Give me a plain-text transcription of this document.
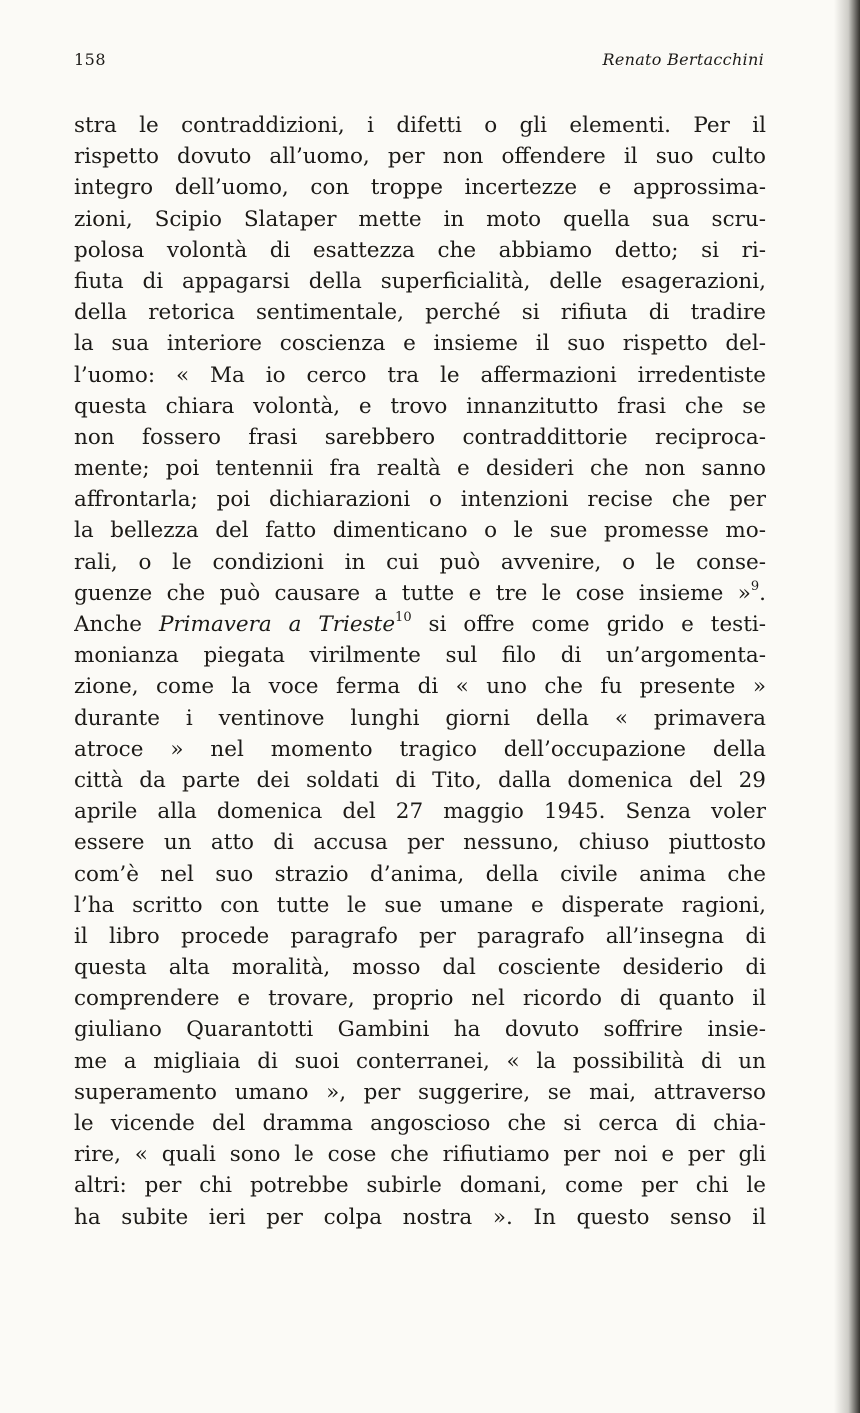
158	Renato Bertacchini
stra le contraddizioni, i difetti o gli elementi. Per il
rispetto dovuto all’uomo, per non offendere il suo culto
integro dell’uomo, con troppe incertezze e approssima-
zioni, Scipio Slataper mette in moto quella sua scru-
polosa volontà di esattezza che abbiamo detto; si ri-
fiuta di appagarsi della superficialità, delle esagerazioni,
della retorica sentimentale, perché si rifiuta di tradire
la sua interiore coscienza e insieme il suo rispetto del-
l’uomo: « Ma io cerco tra le affermazioni irredentiste
questa chiara volontà, e trovo innanzitutto frasi che se
non fossero frasi sarebbero contraddittorie reciproca-
mente; poi tentennii fra realtà e desideri che non sanno
affrontarla; poi dichiarazioni o intenzioni recise che per
la bellezza del fatto dimenticano o le sue promesse mo-
rali, o le condizioni in cui può avvenire, o le conse-
guenze che può causare a tutte e tre le cose insieme »$^9$.
Anche Primavera a Trieste$^{10}$ si offre come grido e testi-
monianza piegata virilmente sul filo di un’argomenta-
zione, come la voce ferma di « uno che fu presente »
durante i ventinove lunghi giorni della « primavera
atroce » nel momento tragico dell’occupazione della
città da parte dei soldati di Tito, dalla domenica del 29
aprile alla domenica del 27 maggio 1945. Senza voler
essere un atto di accusa per nessuno, chiuso piuttosto
com’è nel suo strazio d’anima, della civile anima che
l’ha scritto con tutte le sue umane e disperate ragioni,
il libro procede paragrafo per paragrafo all’insegna di
questa alta moralità, mosso dal cosciente desiderio di
comprendere e trovare, proprio nel ricordo di quanto il
giuliano Quarantotti Gambini ha dovuto soffrire insie-
me a migliaia di suoi conterranei, « la possibilità di un
superamento umano », per suggerire, se mai, attraverso
le vicende del dramma angoscioso che si cerca di chia-
rire, « quali sono le cose che rifiutiamo per noi e per gli
altri: per chi potrebbe subirle domani, come per chi le
ha subite ieri per colpa nostra ». In questo senso il
